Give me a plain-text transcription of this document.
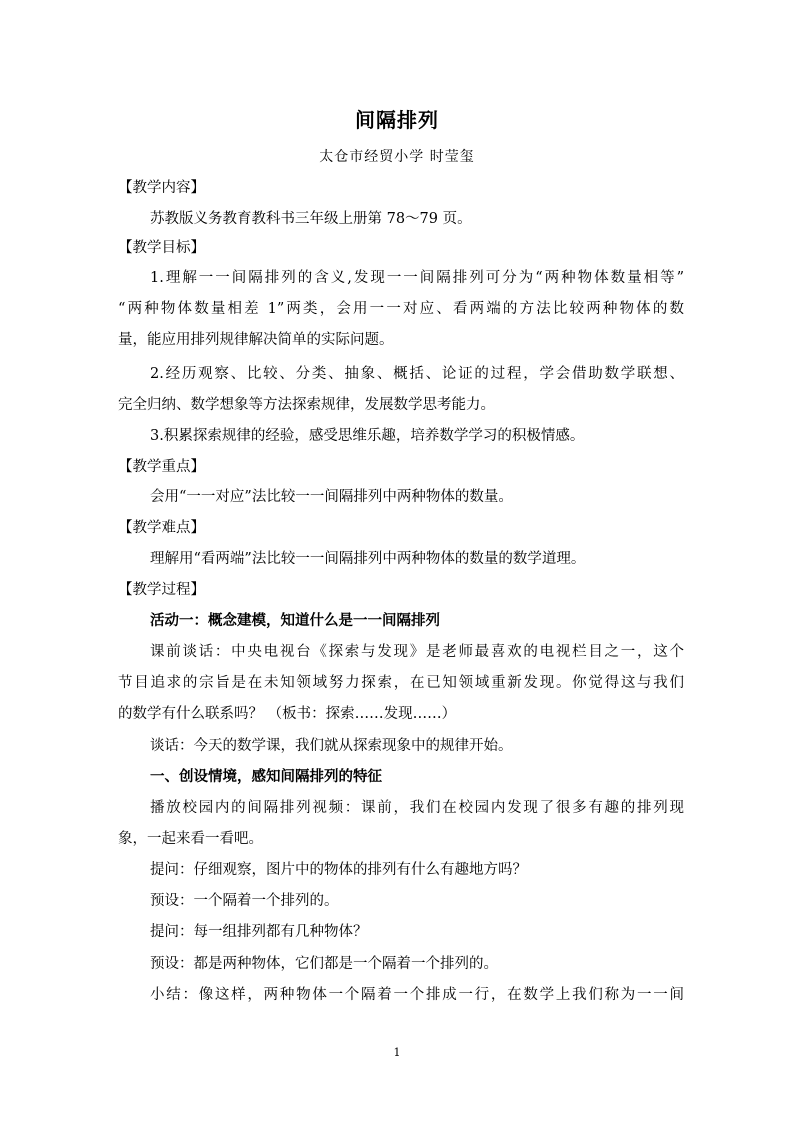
间隔排列
太仓市经贸小学 时莹玺
【教学内容】
苏教版义务教育教科书三年级上册第 78～79 页。
【教学目标】
1.理解一一间隔排列的含义,发现一一间隔排列可分为“两种物体数量相等”
“两种物体数量相差 1”两类，会用一一对应、看两端的方法比较两种物体的数
量，能应用排列规律解决简单的实际问题。
2.经历观察、比较、分类、抽象、概括、论证的过程，学会借助数学联想、
完全归纳、数学想象等方法探索规律，发展数学思考能力。
3.积累探索规律的经验，感受思维乐趣，培养数学学习的积极情感。
【教学重点】
会用“一一对应”法比较一一间隔排列中两种物体的数量。
【教学难点】
理解用“看两端”法比较一一间隔排列中两种物体的数量的数学道理。
【教学过程】
活动一：概念建模，知道什么是一一间隔排列
课前谈话：中央电视台《探索与发现》是老师最喜欢的电视栏目之一，这个
节目追求的宗旨是在未知领域努力探索，在已知领域重新发现。你觉得这与我们
的数学有什么联系吗？ （板书：探索……发现……）
谈话：今天的数学课，我们就从探索现象中的规律开始。
一、创设情境，感知间隔排列的特征
播放校园内的间隔排列视频：课前，我们在校园内发现了很多有趣的排列现
象，一起来看一看吧。
提问：仔细观察，图片中的物体的排列有什么有趣地方吗？
预设：一个隔着一个排列的。
提问：每一组排列都有几种物体？
预设：都是两种物体，它们都是一个隔着一个排列的。
小结：像这样，两种物体一个隔着一个排成一行，在数学上我们称为一一间
1
